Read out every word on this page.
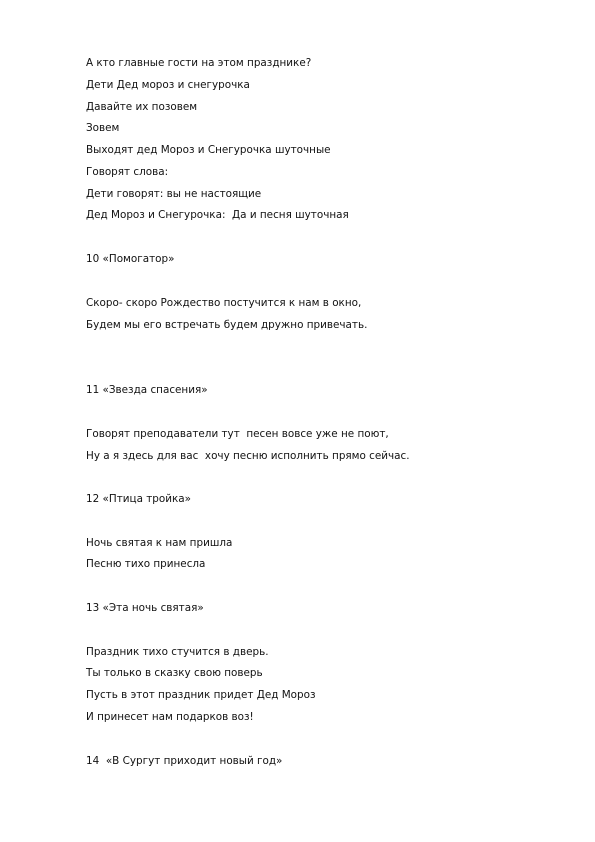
А кто главные гости на этом празднике?

Дети Дед мороз и снегурочка

Давайте их позовем

Зовем

Выходят дед Мороз и Снегурочка шуточные

Говорят слова:

Дети говорят: вы не настоящие

Дед Мороз и Снегурочка:  Да и песня шуточная

10 «Помогатор»

Скоро- скоро Рождество постучится к нам в окно,

Будем мы его встречать будем дружно привечать.

11 «Звезда спасения»

Говорят преподаватели тут  песен вовсе уже не поют,

Ну а я здесь для вас  хочу песню исполнить прямо сейчас.

12 «Птица тройка»

Ночь святая к нам пришла

Песню тихо принесла

13 «Эта ночь святая»

Праздник тихо стучится в дверь.

Ты только в сказку свою поверь

Пусть в этот праздник придет Дед Мороз

И принесет нам подарков воз!

14  «В Сургут приходит новый год»
